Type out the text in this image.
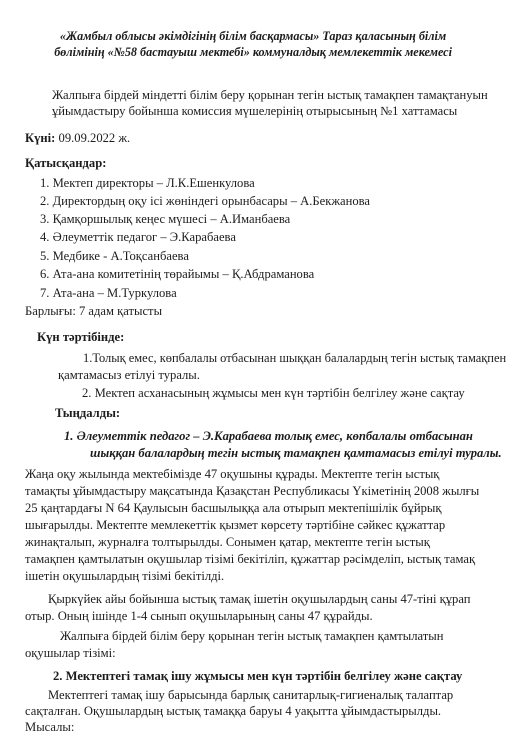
«Жамбыл облысы әкімдігінің білім басқармасы» Тараз қаласының білім
бөлімінің «№58 бастауыш мектебі» коммуналдық мемлекеттік мекемесі
Жалпыға бірдей міндетті білім беру қорынан тегін ыстық тамақпен тамақтануын
ұйымдастыру бойынша комиссия мүшелерінің отырысының №1 хаттамасы
Күні: 09.09.2022 ж.
Қатысқандар:
1. Мектеп директоры – Л.К.Ешенкулова
2. Директордың оқу ісі жөніндегі орынбасары – А.Бекжанова
3. Қамқоршылық кеңес мүшесі – А.Иманбаева
4. Әлеуметтік педагог – Э.Карабаева
5. Медбике - А.Тоқсанбаева
6. Ата-ана комитетінің төрайымы – Қ.Абдраманова
7. Ата-ана – М.Туркулова
Барлығы: 7 адам қатысты
Күн тәртібінде:
1.Толық емес, көпбалалы отбасынан шыққан балалардың тегін ыстық тамақпен
қамтамасыз етілуі туралы.
2. Мектеп асханасының жұмысы мен күн тәртібін белгілеу және сақтау
Тыңдалды:
1. Әлеуметтік педагог – Э.Карабаева толық емес, көпбалалы отбасынан
шыққан балалардың тегін ыстық тамақпен қамтамасыз етілуі туралы.
Жаңа оқу жылында мектебімізде 47 оқушыны құрады. Мектепте тегін ыстық
тамақты ұйымдастыру мақсатында Қазақстан Республикасы Үкіметінің 2008 жылғы
25 қаңтардағы N 64 Қаулысын басшылыққа ала отырып мектепішілік бұйрық
шығарылды. Мектепте мемлекеттік қызмет көрсету тәртібіне сәйкес құжаттар
жинақталып, журналға толтырылды. Сонымен қатар, мектепте тегін ыстық
тамақпен қамтылатын оқушылар тізімі бекітіліп, құжаттар рәсімделіп, ыстық тамақ
ішетін оқушылардың тізімі бекітілді.
Қыркүйек айы бойынша ыстық тамақ ішетін оқушылардың саны 47-тіні құрап
отыр. Оның ішінде 1-4 сынып оқушыларының саны 47 құрайды.
Жалпыға бірдей білім беру қорынан тегін ыстық тамақпен қамтылатын
оқушылар тізімі:
2. Мектептегі тамақ ішу жұмысы мен күн тәртібін белгілеу және сақтау
Мектептегі тамақ ішу барысында барлық санитарлық-гигиеналық талаптар
сақталған. Оқушылардың ыстық тамаққа баруы 4 уақытта ұйымдастырылды.
Мысалы:
